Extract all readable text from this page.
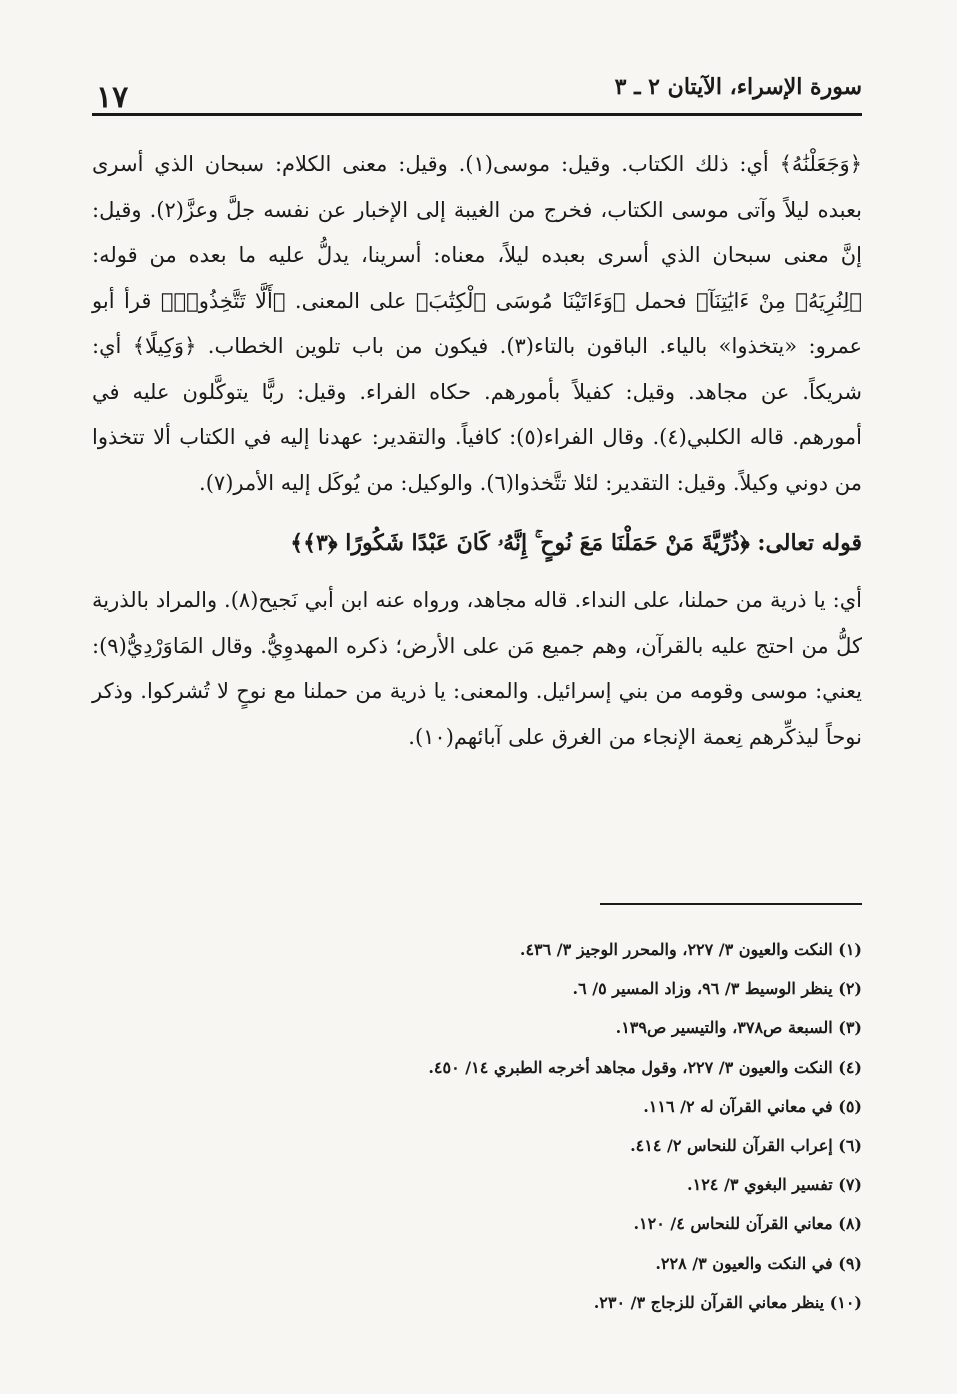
١٧	سورة الإسراء، الآيتان ٢ ـ ٣

﴿وَجَعَلْنَٰهُ﴾ أي: ذلك الكتاب. وقيل: موسى(١). وقيل: معنى الكلام: سبحان الذي أسرى بعبده ليلاً وآتى موسى الكتاب، فخرج من الغيبة إلى الإخبار عن نفسه جلَّ وعزَّ(٢). وقيل: إنَّ معنى سبحان الذي أسرى بعبده ليلاً، معناه: أسرينا، يدلُّ عليه ما بعده من قوله: ﴿لِنُرِيَهُۥ مِنْ ءَايَٰتِنَآ﴾ فحمل ﴿وَءَاتَيْنَا مُوسَى ٱلْكِتَٰبَ﴾ على المعنى. ﴿أَلَّا تَتَّخِذُوا۟﴾ قرأ أبو عمرو: «يتخذوا» بالياء. الباقون بالتاء(٣). فيكون من باب تلوين الخطاب. ﴿وَكِيلًا﴾ أي: شريكاً. عن مجاهد. وقيل: كفيلاً بأمورهم. حكاه الفراء. وقيل: ربًّا يتوكَّلون عليه في أمورهم. قاله الكلبي(٤). وقال الفراء(٥): كافياً. والتقدير: عهدنا إليه في الكتاب ألا تتخذوا من دوني وكيلاً. وقيل: التقدير: لئلا تتَّخذوا(٦). والوكيل: من يُوكَل إليه الأمر(٧).

قوله تعالى: ﴿ذُرِّيَّةَ مَنْ حَمَلْنَا مَعَ نُوحٍ ۚ إِنَّهُۥ كَانَ عَبْدًا شَكُورًا ﴿٣﴾﴾

أي: يا ذرية من حملنا، على النداء. قاله مجاهد، ورواه عنه ابن أبي نَجيح(٨). والمراد بالذرية كلُّ من احتج عليه بالقرآن، وهم جميع مَن على الأرض؛ ذكره المهدوِيُّ. وقال المَاوَرْدِيُّ(٩): يعني: موسى وقومه من بني إسرائيل. والمعنى: يا ذرية من حملنا مع نوحٍ لا تُشركوا. وذكر نوحاً ليذكِّرهم نِعمة الإنجاء من الغرق على آبائهم(١٠).

(١) النكت والعيون ٣/ ٢٢٧، والمحرر الوجيز ٣/ ٤٣٦.
(٢) ينظر الوسيط ٣/ ٩٦، وزاد المسير ٥/ ٦.
(٣) السبعة ص٣٧٨، والتيسير ص١٣٩.
(٤) النكت والعيون ٣/ ٢٢٧، وقول مجاهد أخرجه الطبري ١٤/ ٤٥٠.
(٥) في معاني القرآن له ٢/ ١١٦.
(٦) إعراب القرآن للنحاس ٢/ ٤١٤.
(٧) تفسير البغوي ٣/ ١٢٤.
(٨) معاني القرآن للنحاس ٤/ ١٢٠.
(٩) في النكت والعيون ٣/ ٢٢٨.
(١٠) ينظر معاني القرآن للزجاج ٣/ ٢٣٠.
